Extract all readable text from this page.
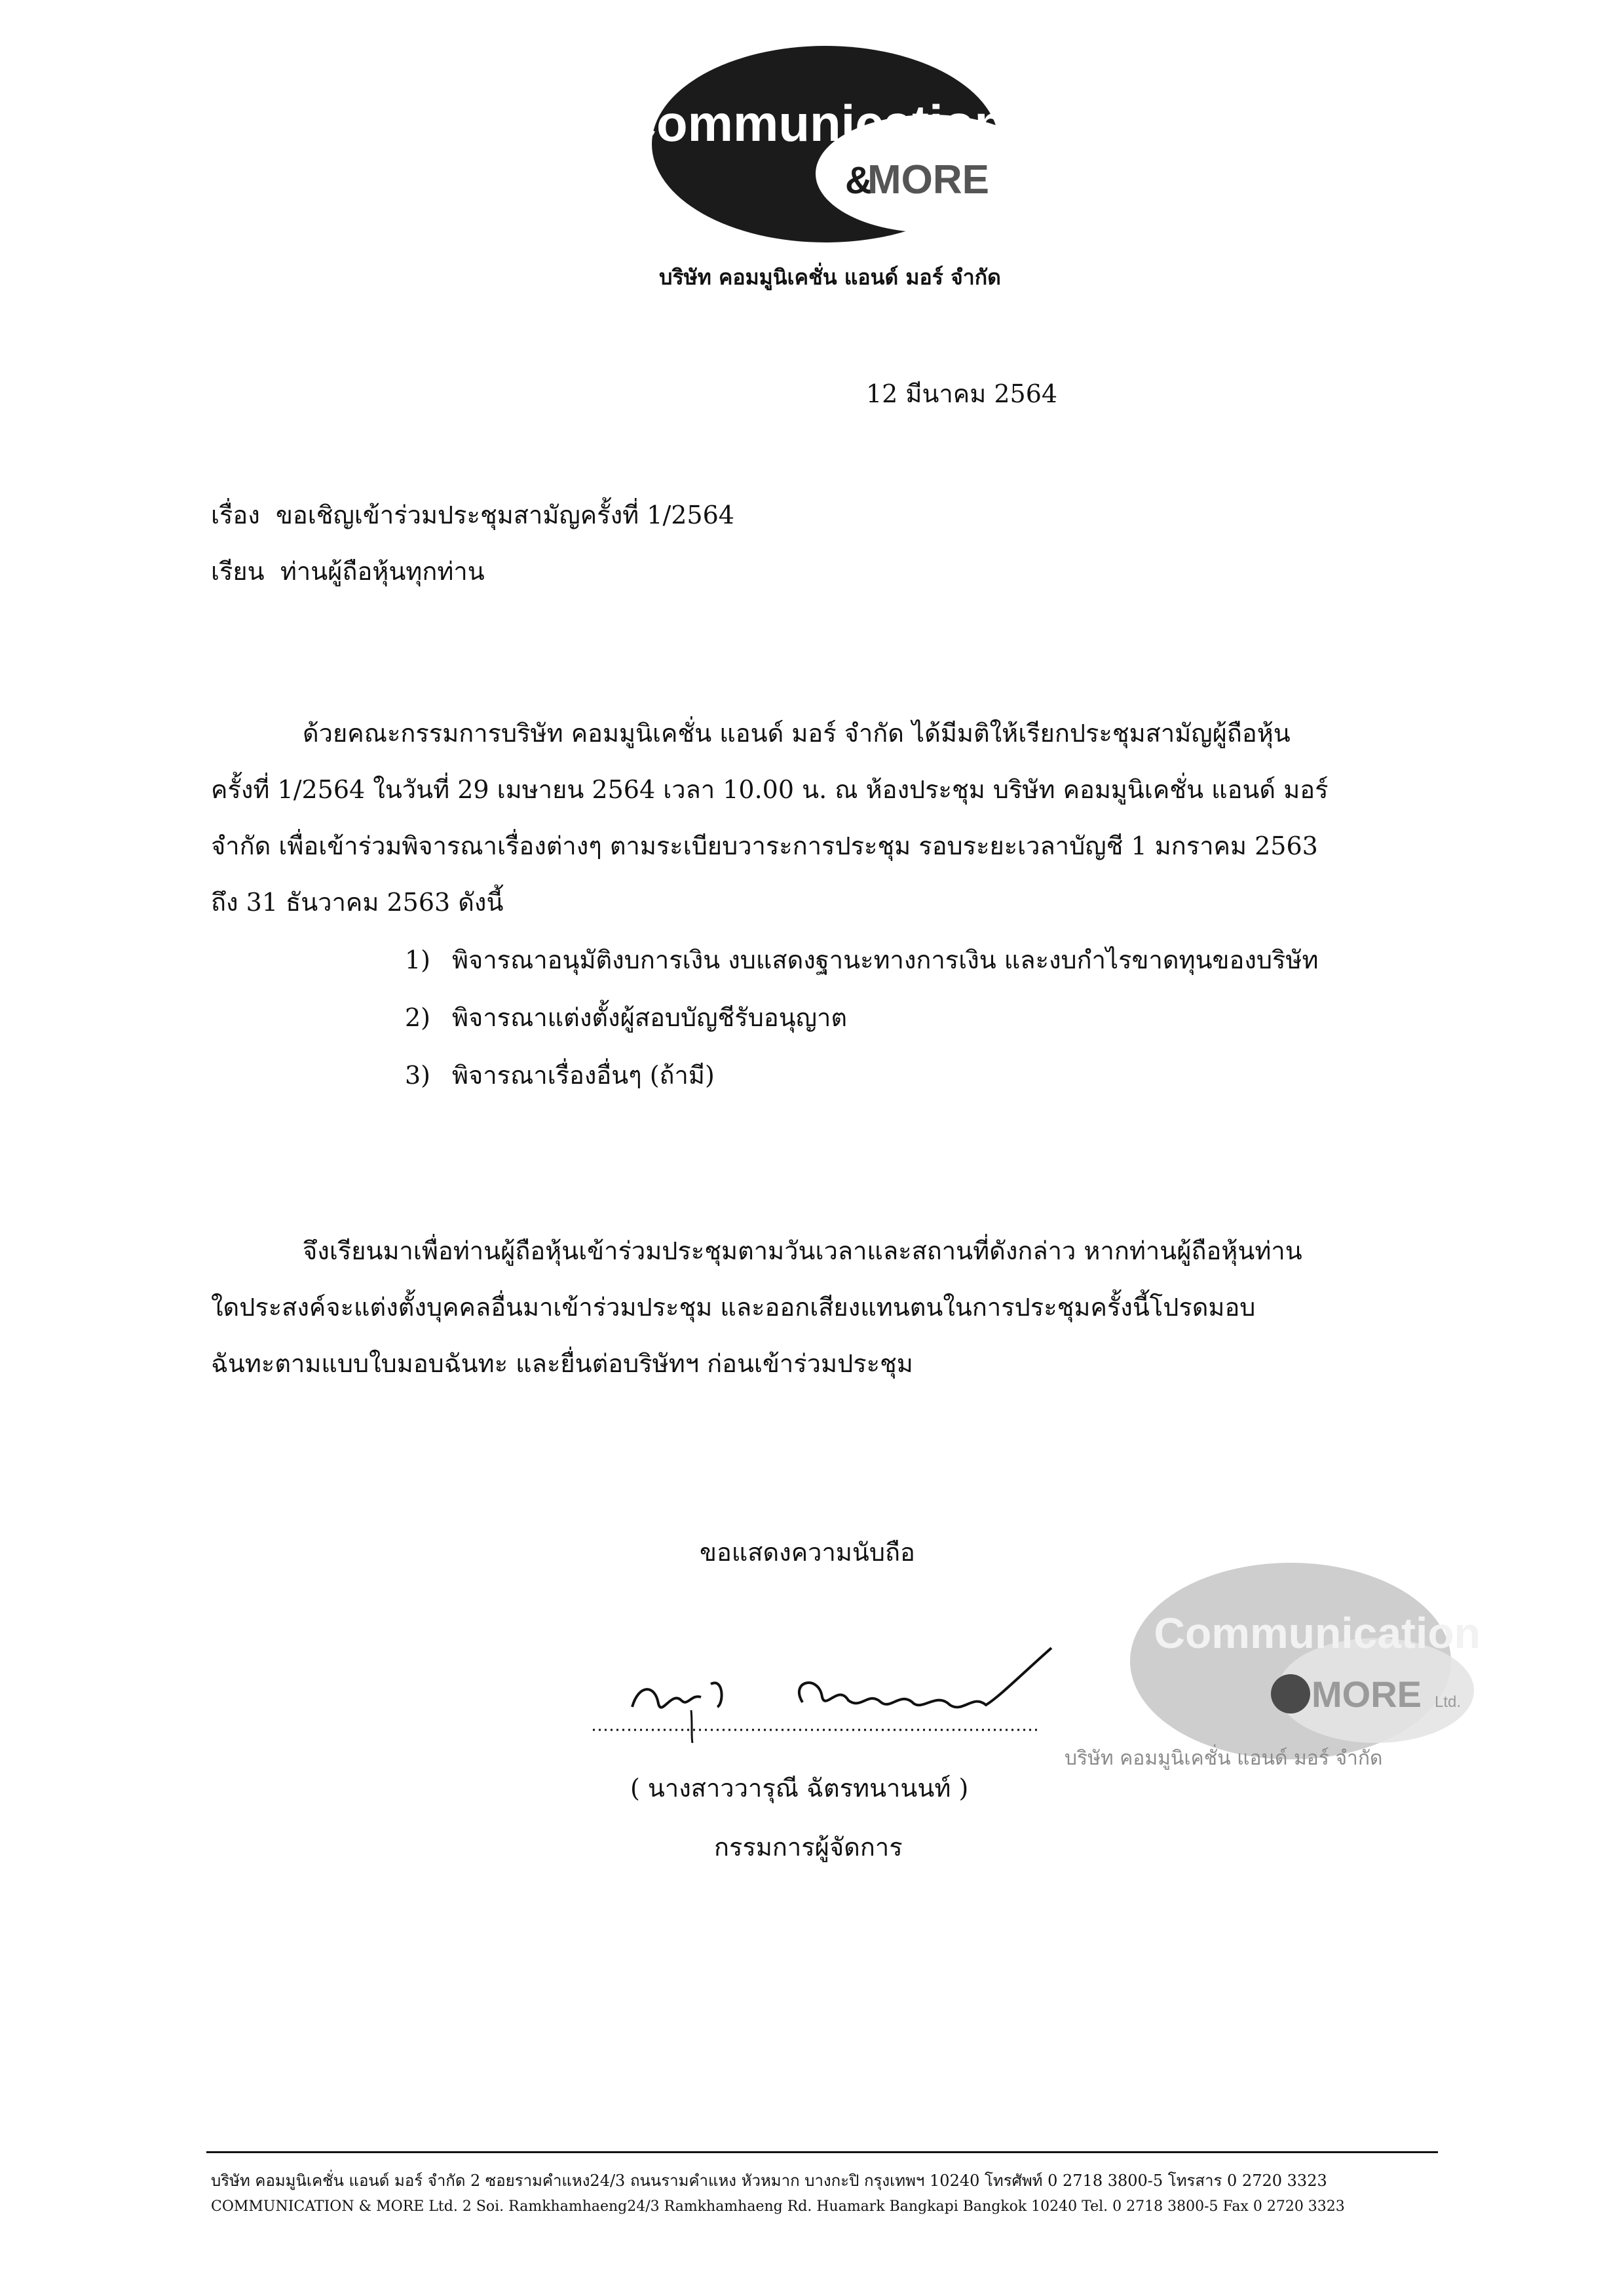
Communication
&
MORE
บริษัท คอมมูนิเคชั่น แอนด์ มอร์ จำกัด
12 มีนาคม 2564
เรื่อง ขอเชิญเข้าร่วมประชุมสามัญครั้งที่ 1/2564
เรียน ท่านผู้ถือหุ้นทุกท่าน
ด้วยคณะกรรมการบริษัท คอมมูนิเคชั่น แอนด์ มอร์ จำกัด ได้มีมติให้เรียกประชุมสามัญผู้ถือหุ้น
ครั้งที่ 1/2564 ในวันที่ 29 เมษายน 2564 เวลา 10.00 น. ณ ห้องประชุม บริษัท คอมมูนิเคชั่น แอนด์ มอร์
จำกัด เพื่อเข้าร่วมพิจารณาเรื่องต่างๆ ตามระเบียบวาระการประชุม รอบระยะเวลาบัญชี 1 มกราคม 2563
ถึง 31 ธันวาคม 2563 ดังนี้
1) พิจารณาอนุมัติงบการเงิน งบแสดงฐานะทางการเงิน และงบกำไรขาดทุนของบริษัท
2) พิจารณาแต่งตั้งผู้สอบบัญชีรับอนุญาต
3) พิจารณาเรื่องอื่นๆ (ถ้ามี)
จึงเรียนมาเพื่อท่านผู้ถือหุ้นเข้าร่วมประชุมตามวันเวลาและสถานที่ดังกล่าว หากท่านผู้ถือหุ้นท่าน
ใดประสงค์จะแต่งตั้งบุคคลอื่นมาเข้าร่วมประชุม และออกเสียงแทนตนในการประชุมครั้งนี้โปรดมอบ
ฉันทะตามแบบใบมอบฉันทะ และยื่นต่อบริษัทฯ ก่อนเข้าร่วมประชุม
ขอแสดงความนับถือ
( นางสาววารุณี ฉัตรทนานนท์ )
กรรมการผู้จัดการ
Communication
MORE Ltd.
บริษัท คอมมูนิเคชั่น แอนด์ มอร์ จำกัด
บริษัท คอมมูนิเคชั่น แอนด์ มอร์ จำกัด 2 ซอยรามคำแหง24/3 ถนนรามคำแหง หัวหมาก บางกะปิ กรุงเทพฯ 10240 โทรศัพท์ 0 2718 3800-5 โทรสาร 0 2720 3323
COMMUNICATION & MORE Ltd. 2 Soi. Ramkhamhaeng24/3 Ramkhamhaeng Rd. Huamark Bangkapi Bangkok 10240 Tel. 0 2718 3800-5 Fax 0 2720 3323
